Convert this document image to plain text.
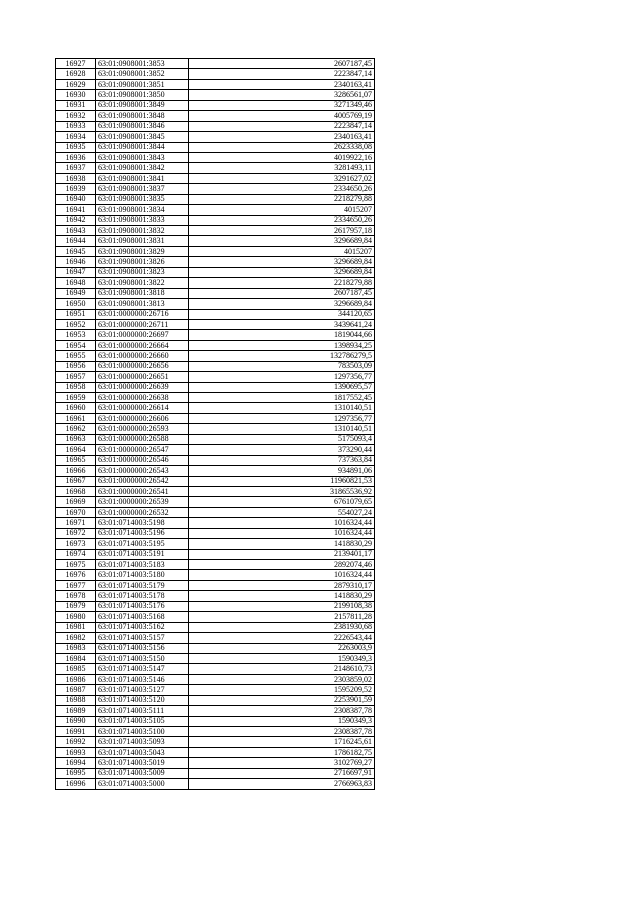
16927	63:01:0908001:3853	2607187,45
16928	63:01:0908001:3852	2223847,14
16929	63:01:0908001:3851	2340163,41
16930	63:01:0908001:3850	3286561,07
16931	63:01:0908001:3849	3271349,46
16932	63:01:0908001:3848	4005769,19
16933	63:01:0908001:3846	2223847,14
16934	63:01:0908001:3845	2340163,41
16935	63:01:0908001:3844	2623338,08
16936	63:01:0908001:3843	4019922,16
16937	63:01:0908001:3842	3281493,11
16938	63:01:0908001:3841	3291627,02
16939	63:01:0908001:3837	2334650,26
16940	63:01:0908001:3835	2218279,88
16941	63:01:0908001:3834	4015207
16942	63:01:0908001:3833	2334650,26
16943	63:01:0908001:3832	2617957,18
16944	63:01:0908001:3831	3296689,84
16945	63:01:0908001:3829	4015207
16946	63:01:0908001:3826	3296689,84
16947	63:01:0908001:3823	3296689,84
16948	63:01:0908001:3822	2218279,88
16949	63:01:0908001:3818	2607187,45
16950	63:01:0908001:3813	3296689,84
16951	63:01:0000000:26716	344120,65
16952	63:01:0000000:26711	3439641,24
16953	63:01:0000000:26697	1819044,66
16954	63:01:0000000:26664	1398934,25
16955	63:01:0000000:26660	132786279,5
16956	63:01:0000000:26656	783503,09
16957	63:01:0000000:26651	1297356,77
16958	63:01:0000000:26639	1390695,57
16959	63:01:0000000:26638	1817552,45
16960	63:01:0000000:26614	1310140,51
16961	63:01:0000000:26606	1297356,77
16962	63:01:0000000:26593	1310140,51
16963	63:01:0000000:26588	5175093,4
16964	63:01:0000000:26547	373290,44
16965	63:01:0000000:26546	737363,84
16966	63:01:0000000:26543	934891,06
16967	63:01:0000000:26542	11960821,53
16968	63:01:0000000:26541	31865536,92
16969	63:01:0000000:26539	6761079,65
16970	63:01:0000000:26532	554027,24
16971	63:01:0714003:5198	1016324,44
16972	63:01:0714003:5196	1016324,44
16973	63:01:0714003:5195	1418830,29
16974	63:01:0714003:5191	2139401,17
16975	63:01:0714003:5183	2892074,46
16976	63:01:0714003:5180	1016324,44
16977	63:01:0714003:5179	2879310,17
16978	63:01:0714003:5178	1418830,29
16979	63:01:0714003:5176	2199108,38
16980	63:01:0714003:5168	2157811,28
16981	63:01:0714003:5162	2381930,68
16982	63:01:0714003:5157	2226543,44
16983	63:01:0714003:5156	2263003,9
16984	63:01:0714003:5150	1590349,3
16985	63:01:0714003:5147	2148610,73
16986	63:01:0714003:5146	2303859,02
16987	63:01:0714003:5127	1595209,52
16988	63:01:0714003:5120	2253901,59
16989	63:01:0714003:5111	2308387,78
16990	63:01:0714003:5105	1590349,3
16991	63:01:0714003:5100	2308387,78
16992	63:01:0714003:5093	1716245,61
16993	63:01:0714003:5043	1786182,75
16994	63:01:0714003:5019	3102769,27
16995	63:01:0714003:5009	2716697,91
16996	63:01:0714003:5000	2766963,83
